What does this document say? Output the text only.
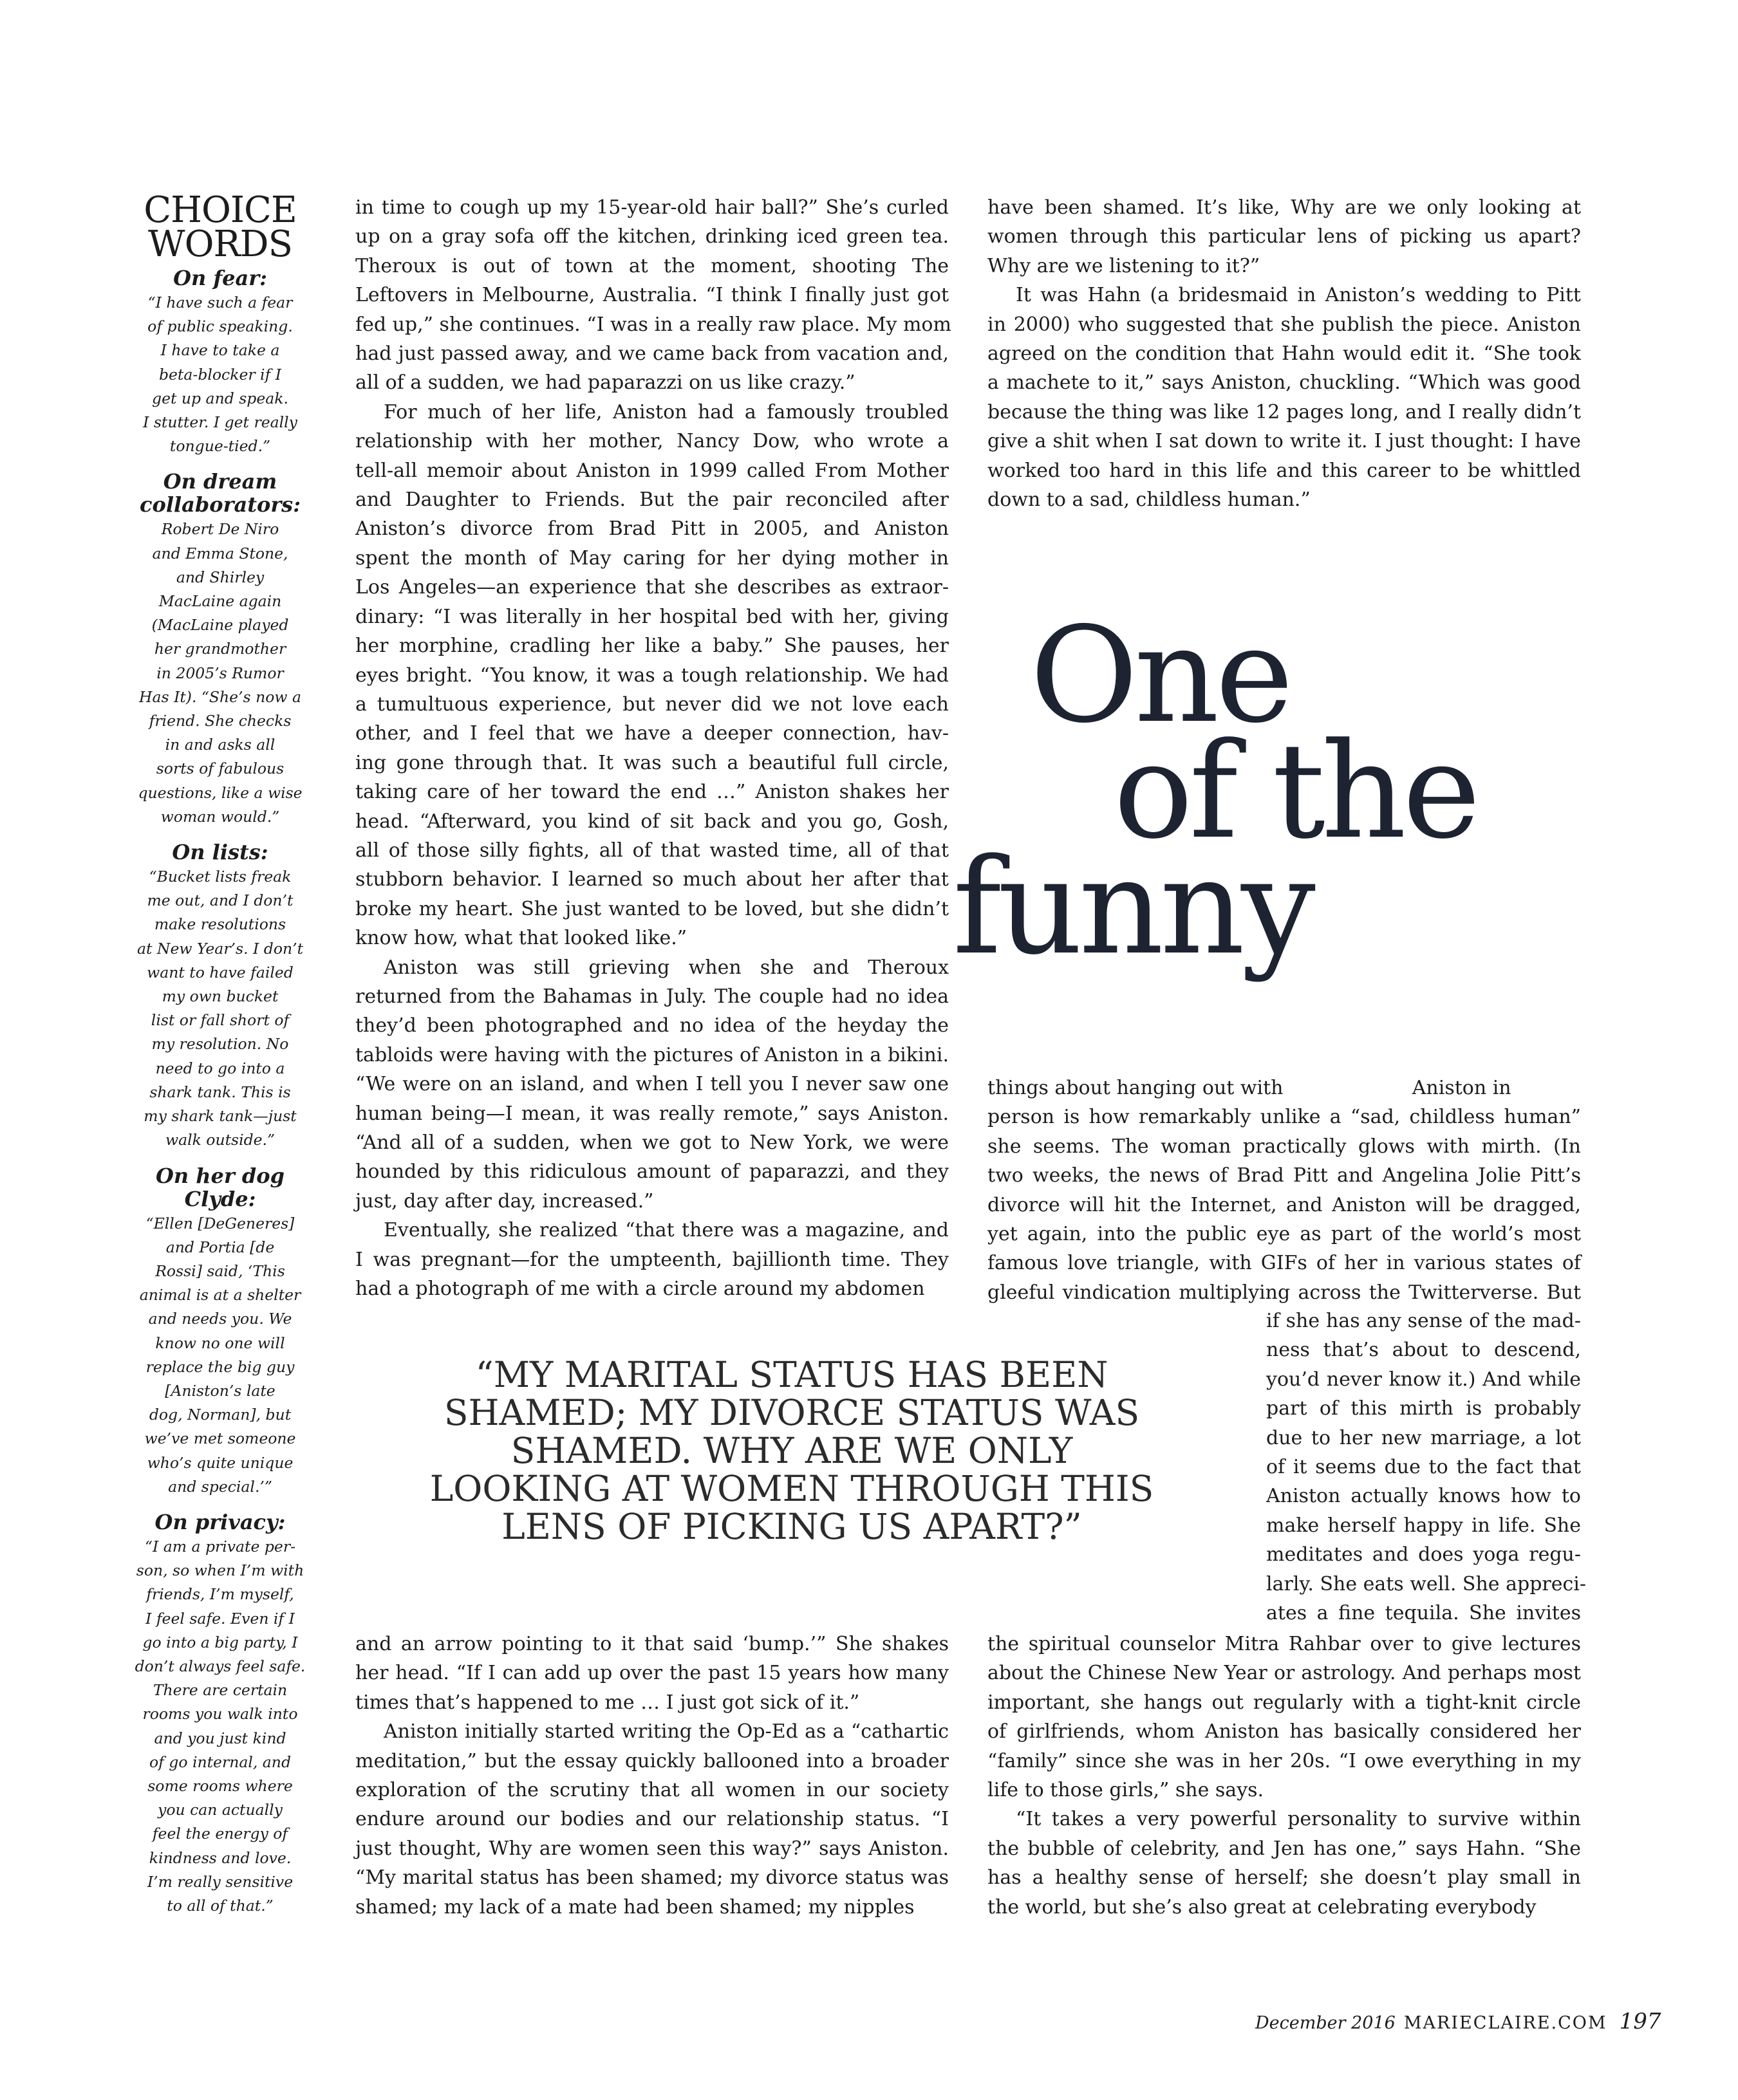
CHOICE
WORDS
On fear:
“I have such a fear
of public speaking.
I have to take a
beta-blocker if I
get up and speak.
I stutter. I get really
tongue-tied.”
On dream
collaborators:
Robert De Niro
and Emma Stone,
and Shirley
MacLaine again
(MacLaine played
her grandmother
in 2005’s Rumor
Has It). “She’s now a
friend. She checks
in and asks all
sorts of fabulous
questions, like a wise
woman would.”
On lists:
“Bucket lists freak
me out, and I don’t
make resolutions
at New Year’s. I don’t
want to have failed
my own bucket
list or fall short of
my resolution. No
need to go into a
shark tank. This is
my shark tank—just
walk outside.”
On her dog
Clyde:
“Ellen [DeGeneres]
and Portia [de
Rossi] said, ‘This
animal is at a shelter
and needs you. We
know no one will
replace the big guy
[Aniston’s late
dog, Norman], but
we’ve met someone
who’s quite unique
and special.’”
On privacy:
“I am a private per-
son, so when I’m with
friends, I’m myself,
I feel safe. Even if I
go into a big party, I
don’t always feel safe.
There are certain
rooms you walk into
and you just kind
of go internal, and
some rooms where
you can actually
feel the energy of
kindness and love.
I’m really sensitive
to all of that.”
in time to cough up my 15-year-old hair ball?” She’s curled
up on a gray sofa off the kitchen, drinking iced green tea.
Theroux is out of town at the moment, shooting The
Leftovers in Melbourne, Australia. “I think I finally just got
fed up,” she continues. “I was in a really raw place. My mom
had just passed away, and we came back from vacation and,
all of a sudden, we had paparazzi on us like crazy.”
For much of her life, Aniston had a famously troubled
relationship with her mother, Nancy Dow, who wrote a
tell-all memoir about Aniston in 1999 called From Mother
and Daughter to Friends. But the pair reconciled after
Aniston’s divorce from Brad Pitt in 2005, and Aniston
spent the month of May caring for her dying mother in
Los Angeles—an experience that she describes as extraor-
dinary: “I was literally in her hospital bed with her, giving
her morphine, cradling her like a baby.” She pauses, her
eyes bright. “You know, it was a tough relationship. We had
a tumultuous experience, but never did we not love each
other, and I feel that we have a deeper connection, hav-
ing gone through that. It was such a beautiful full circle,
taking care of her toward the end …” Aniston shakes her
head. “Afterward, you kind of sit back and you go, Gosh,
all of those silly fights, all of that wasted time, all of that
stubborn behavior. I learned so much about her after that
broke my heart. She just wanted to be loved, but she didn’t
know how, what that looked like.”
Aniston was still grieving when she and Theroux
returned from the Bahamas in July. The couple had no idea
they’d been photographed and no idea of the heyday the
tabloids were having with the pictures of Aniston in a bikini.
“We were on an island, and when I tell you I never saw one
human being—I mean, it was really remote,” says Aniston.
“And all of a sudden, when we got to New York, we were
hounded by this ridiculous amount of paparazzi, and they
just, day after day, increased.”
Eventually, she realized “that there was a magazine, and
I was pregnant—for the umpteenth, bajillionth time. They
had a photograph of me with a circle around my abdomen
and an arrow pointing to it that said ‘bump.’” She shakes
her head. “If I can add up over the past 15 years how many
times that’s happened to me … I just got sick of it.”
Aniston initially started writing the Op-Ed as a “cathartic
meditation,” but the essay quickly ballooned into a broader
exploration of the scrutiny that all women in our society
endure around our bodies and our relationship status. “I
just thought, Why are women seen this way?” says Aniston.
“My marital status has been shamed; my divorce status was
shamed; my lack of a mate had been shamed; my nipples
have been shamed. It’s like, Why are we only looking at
women through this particular lens of picking us apart?
Why are we listening to it?”
It was Hahn (a bridesmaid in Aniston’s wedding to Pitt
in 2000) who suggested that she publish the piece. Aniston
agreed on the condition that Hahn would edit it. “She took
a machete to it,” says Aniston, chuckling. “Which was good
because the thing was like 12 pages long, and I really didn’t
give a shit when I sat down to write it. I just thought: I have
worked too hard in this life and this career to be whittled
down to a sad, childless human.”
One
of the
funny
things about hanging out with                     Aniston in
person is how remarkably unlike a “sad, childless human”
she seems. The woman practically glows with mirth. (In
two weeks, the news of Brad Pitt and Angelina Jolie Pitt’s
divorce will hit the Internet, and Aniston will be dragged,
yet again, into the public eye as part of the world’s most
famous love triangle, with GIFs of her in various states of
gleeful vindication multiplying across the Twitterverse. But
if she has any sense of the mad-
ness that’s about to descend,
you’d never know it.) And while
part of this mirth is probably
due to her new marriage, a lot
of it seems due to the fact that
Aniston actually knows how to
make herself happy in life. She
meditates and does yoga regu-
larly. She eats well. She appreci-
ates a fine tequila. She invites
the spiritual counselor Mitra Rahbar over to give lectures
about the Chinese New Year or astrology. And perhaps most
important, she hangs out regularly with a tight-knit circle
of girlfriends, whom Aniston has basically considered her
“family” since she was in her 20s. “I owe everything in my
life to those girls,” she says.
“It takes a very powerful personality to survive within
the bubble of celebrity, and Jen has one,” says Hahn. “She
has a healthy sense of herself; she doesn’t play small in
the world, but she’s also great at celebrating everybody
“MY MARITAL STATUS HAS BEEN
SHAMED; MY DIVORCE STATUS WAS
SHAMED. WHY ARE WE ONLY
LOOKING AT WOMEN THROUGH THIS
LENS OF PICKING US APART?”
December 2016 MARIECLAIRE.COM 197
